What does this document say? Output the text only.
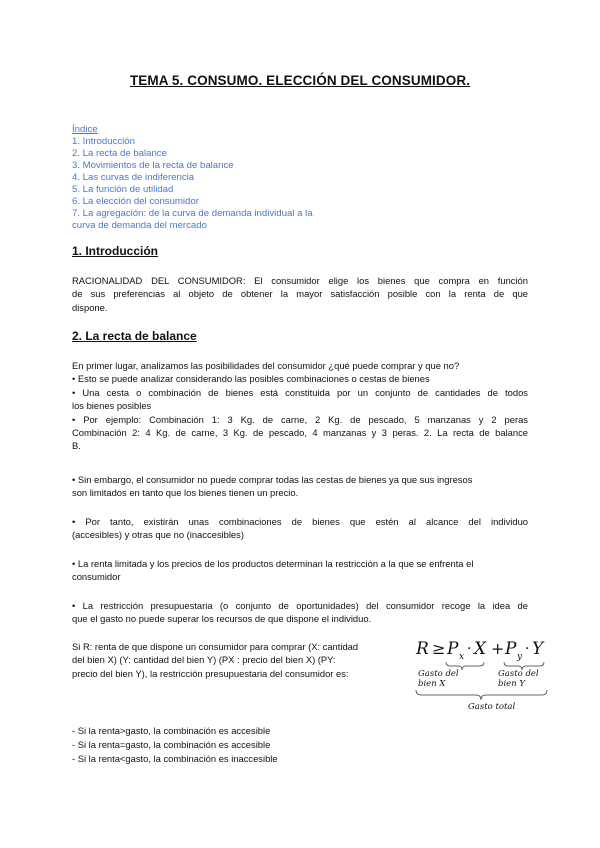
TEMA 5. CONSUMO. ELECCIÓN DEL CONSUMIDOR.
Índice
1. Introducción
2. La recta de balance
3. Movimientos de la recta de balance
4. Las curvas de indiferencia
5. La función de utilidad
6. La elección del consumidor
7. La agregación: de la curva de demanda individual a la
curva de demanda del mercado
1. Introducción
RACIONALIDAD DEL CONSUMIDOR: El consumidor elige los bienes que compra en función
de sus preferencias al objeto de obtener la mayor satisfacción posible con la renta de que
dispone.
2. La recta de balance
En primer lugar, analizamos las posibilidades del consumidor ¿qué puede comprar y que no?
• Esto se puede analizar considerando las posibles combinaciones o cestas de bienes
• Una cesta o combinación de bienes está constituida por un conjunto de cantidades de todos
los bienes posibles
• Por ejemplo: Combinación 1: 3 Kg. de carne, 2 Kg. de pescado, 5 manzanas y 2 peras
Combinación 2: 4 Kg. de carne, 3 Kg. de pescado, 4 manzanas y 3 peras. 2. La recta de balance
B.
• Sin embargo, el consumidor no puede comprar todas las cestas de bienes ya que sus ingresos
son limitados en tanto que los bienes tienen un precio.
• Por tanto, existirán unas combinaciones de bienes que estén al alcance del individuo
(accesibles) y otras que no (inaccesibles)
• La renta limitada y los precios de los productos determinan la restricción a la que se enfrenta el
consumidor
• La restricción presupuestaria (o conjunto de oportunidades) del consumidor recoge la idea de
que el gasto no puede superar los recursos de que dispone el individuo.
Si R: renta de que dispone un consumidor para comprar (X: cantidad
del bien X) (Y: cantidad del bien Y) (PX : precio del bien X) (PY:
precio del bien Y), la restricción presupuestaria del consumidor es:
R ≥ P x · X + P y · Y
Gasto del
bien X
Gasto del
bien Y
Gasto total
- Si la renta>gasto, la combinación es accesible
- Si la renta=gasto, la combinación es accesible
- Si la renta<gasto, la combinación es inaccesible
